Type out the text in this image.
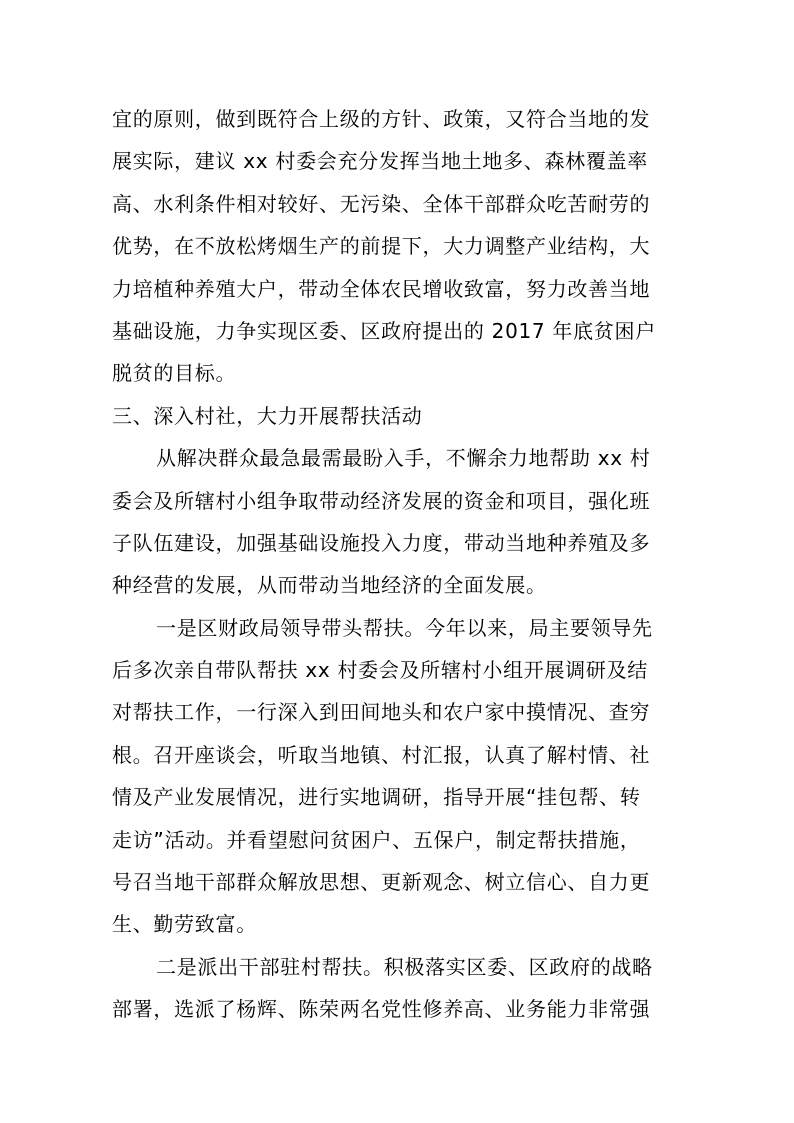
宜的原则，做到既符合上级的方针、政策，又符合当地的发
展实际，建议 xx 村委会充分发挥当地土地多、森林覆盖率
高、水利条件相对较好、无污染、全体干部群众吃苦耐劳的
优势，在不放松烤烟生产的前提下，大力调整产业结构，大
力培植种养殖大户，带动全体农民增收致富，努力改善当地
基础设施，力争实现区委、区政府提出的 2017 年底贫困户
脱贫的目标。
三、深入村社，大力开展帮扶活动
从解决群众最急最需最盼入手，不懈余力地帮助 xx 村
委会及所辖村小组争取带动经济发展的资金和项目，强化班
子队伍建设，加强基础设施投入力度，带动当地种养殖及多
种经营的发展，从而带动当地经济的全面发展。
一是区财政局领导带头帮扶。今年以来，局主要领导先
后多次亲自带队帮扶 xx 村委会及所辖村小组开展调研及结
对帮扶工作，一行深入到田间地头和农户家中摸情况、查穷
根。召开座谈会，听取当地镇、村汇报，认真了解村情、社
情及产业发展情况，进行实地调研，指导开展“挂包帮、转
走访”活动。并看望慰问贫困户、五保户，制定帮扶措施，
号召当地干部群众解放思想、更新观念、树立信心、自力更
生、勤劳致富。
二是派出干部驻村帮扶。积极落实区委、区政府的战略
部署，选派了杨辉、陈荣两名党性修养高、业务能力非常强
